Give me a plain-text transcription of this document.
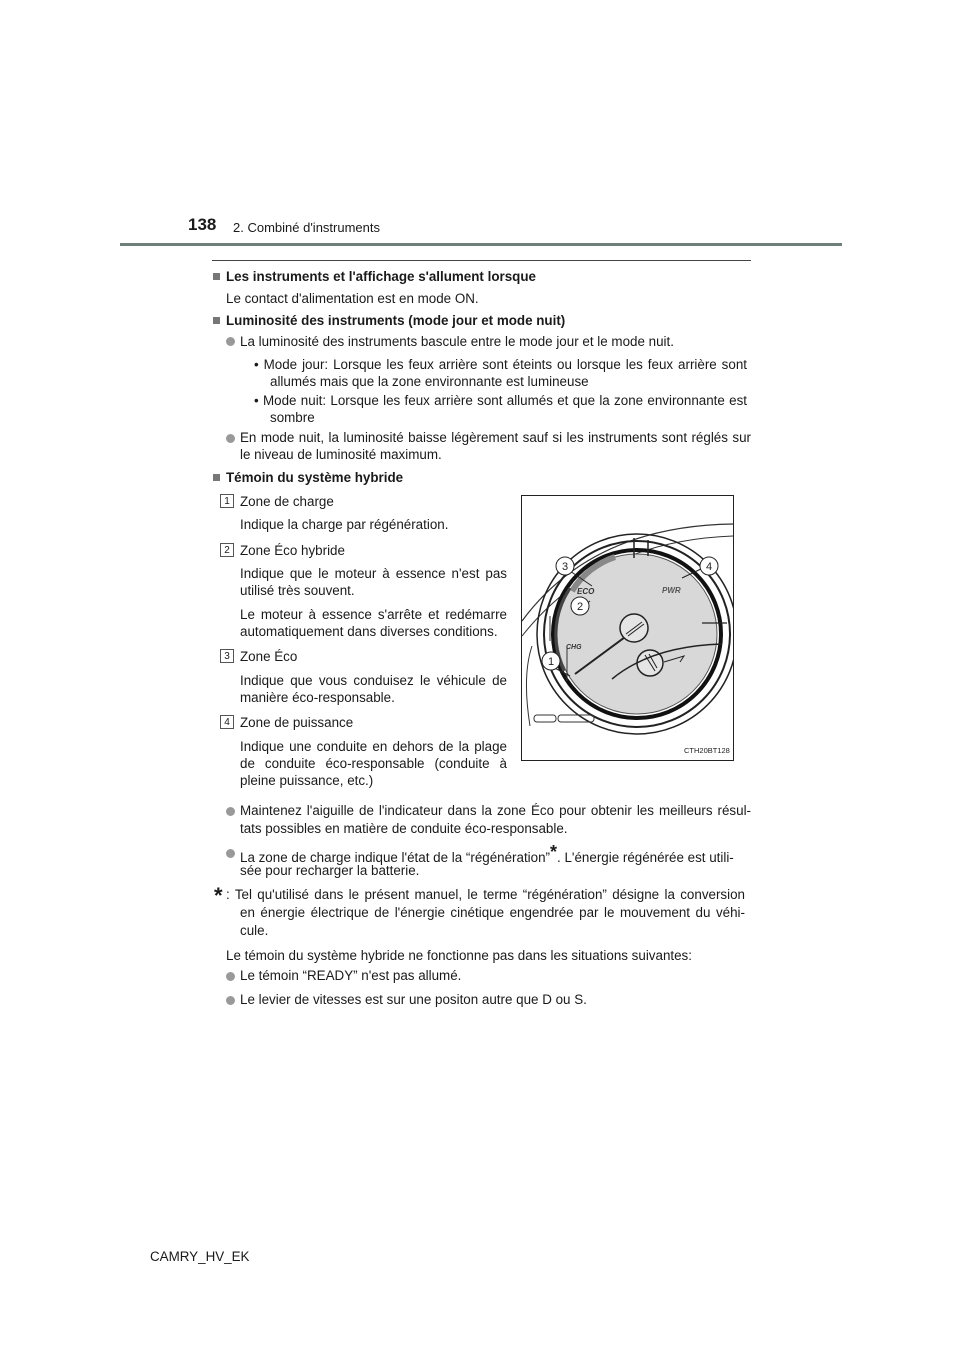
138 2. Combiné d'instruments
Les instruments et l'affichage s'allument lorsque
Le contact d'alimentation est en mode ON.
Luminosité des instruments (mode jour et mode nuit)
La luminosité des instruments bascule entre le mode jour et le mode nuit.
• Mode jour: Lorsque les feux arrière sont éteints ou lorsque les feux arrière sont
allumés mais que la zone environnante est lumineuse
• Mode nuit: Lorsque les feux arrière sont allumés et que la zone environnante est
sombre
En mode nuit, la luminosité baisse légèrement sauf si les instruments sont réglés sur
le niveau de luminosité maximum.
Témoin du système hybride
1 Zone de charge
Indique la charge par régénération.
2 Zone Éco hybride
Indique que le moteur à essence n'est pas
utilisé très souvent.
Le moteur à essence s'arrête et redémarre
automatiquement dans diverses conditions.
3 Zone Éco
Indique que vous conduisez le véhicule de
manière éco-responsable.
4 Zone de puissance
Indique une conduite en dehors de la plage
de conduite éco-responsable (conduite à
pleine puissance, etc.)
ECO	PWR
CHG
3	4
2
1
CTH20BT128
Maintenez l'aiguille de l'indicateur dans la zone Éco pour obtenir les meilleurs résul-
tats possibles en matière de conduite éco-responsable.
La zone de charge indique l'état de la “régénération”*. L'énergie régénérée est utili-
sée pour recharger la batterie.
* : Tel qu'utilisé dans le présent manuel, le terme “régénération” désigne la conversion
en énergie électrique de l'énergie cinétique engendrée par le mouvement du véhi-
cule.
Le témoin du système hybride ne fonctionne pas dans les situations suivantes:
Le témoin “READY” n'est pas allumé.
Le levier de vitesses est sur une positon autre que D ou S.
CAMRY_HV_EK
